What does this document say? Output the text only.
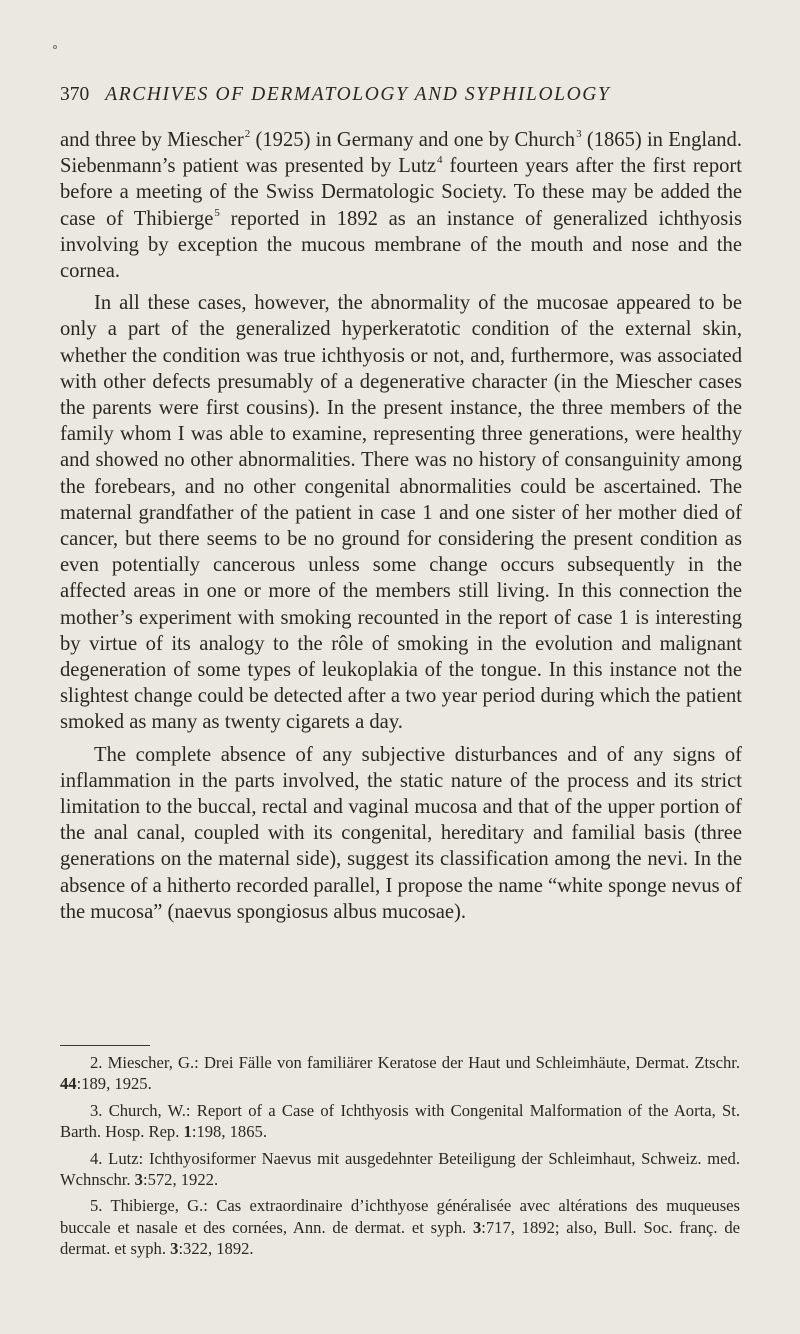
370 ARCHIVES OF DERMATOLOGY AND SYPHILOLOGY

and three by Miescher$^2$ (1925) in Germany and one by Church$^3$ (1865) in England. Siebenmann’s patient was presented by Lutz$^4$ fourteen years after the first report before a meeting of the Swiss Dermatologic Society. To these may be added the case of Thibierge$^5$ reported in 1892 as an instance of generalized ichthyosis involving by exception the mucous membrane of the mouth and nose and the cornea.

In all these cases, however, the abnormality of the mucosae appeared to be only a part of the generalized hyperkeratotic condition of the external skin, whether the condition was true ichthyosis or not, and, furthermore, was associated with other defects presumably of a degenerative character (in the Miescher cases the parents were first cousins). In the present instance, the three members of the family whom I was able to examine, representing three generations, were healthy and showed no other abnormalities. There was no history of consanguinity among the forebears, and no other congenital abnormalities could be ascertained. The maternal grandfather of the patient in case 1 and one sister of her mother died of cancer, but there seems to be no ground for considering the present condition as even potentially cancerous unless some change occurs subsequently in the affected areas in one or more of the members still living. In this connection the mother’s experiment with smoking recounted in the report of case 1 is interesting by virtue of its analogy to the rôle of smoking in the evolution and malignant degeneration of some types of leukoplakia of the tongue. In this instance not the slightest change could be detected after a two year period during which the patient smoked as many as twenty cigarets a day.

The complete absence of any subjective disturbances and of any signs of inflammation in the parts involved, the static nature of the process and its strict limitation to the buccal, rectal and vaginal mucosa and that of the upper portion of the anal canal, coupled with its congenital, hereditary and familial basis (three generations on the maternal side), suggest its classification among the nevi. In the absence of a hitherto recorded parallel, I propose the name “white sponge nevus of the mucosa” (naevus spongiosus albus mucosae).

2. Miescher, G.: Drei Fälle von familiärer Keratose der Haut und Schleimhäute, Dermat. Ztschr. 44:189, 1925.

3. Church, W.: Report of a Case of Ichthyosis with Congenital Malformation of the Aorta, St. Barth. Hosp. Rep. 1:198, 1865.

4. Lutz: Ichthyosiformer Naevus mit ausgedehnter Beteiligung der Schleimhaut, Schweiz. med. Wchnschr. 3:572, 1922.

5. Thibierge, G.: Cas extraordinaire d’ichthyose généralisée avec altérations des muqueuses buccale et nasale et des cornées, Ann. de dermat. et syph. 3:717, 1892; also, Bull. Soc. franç. de dermat. et syph. 3:322, 1892.
